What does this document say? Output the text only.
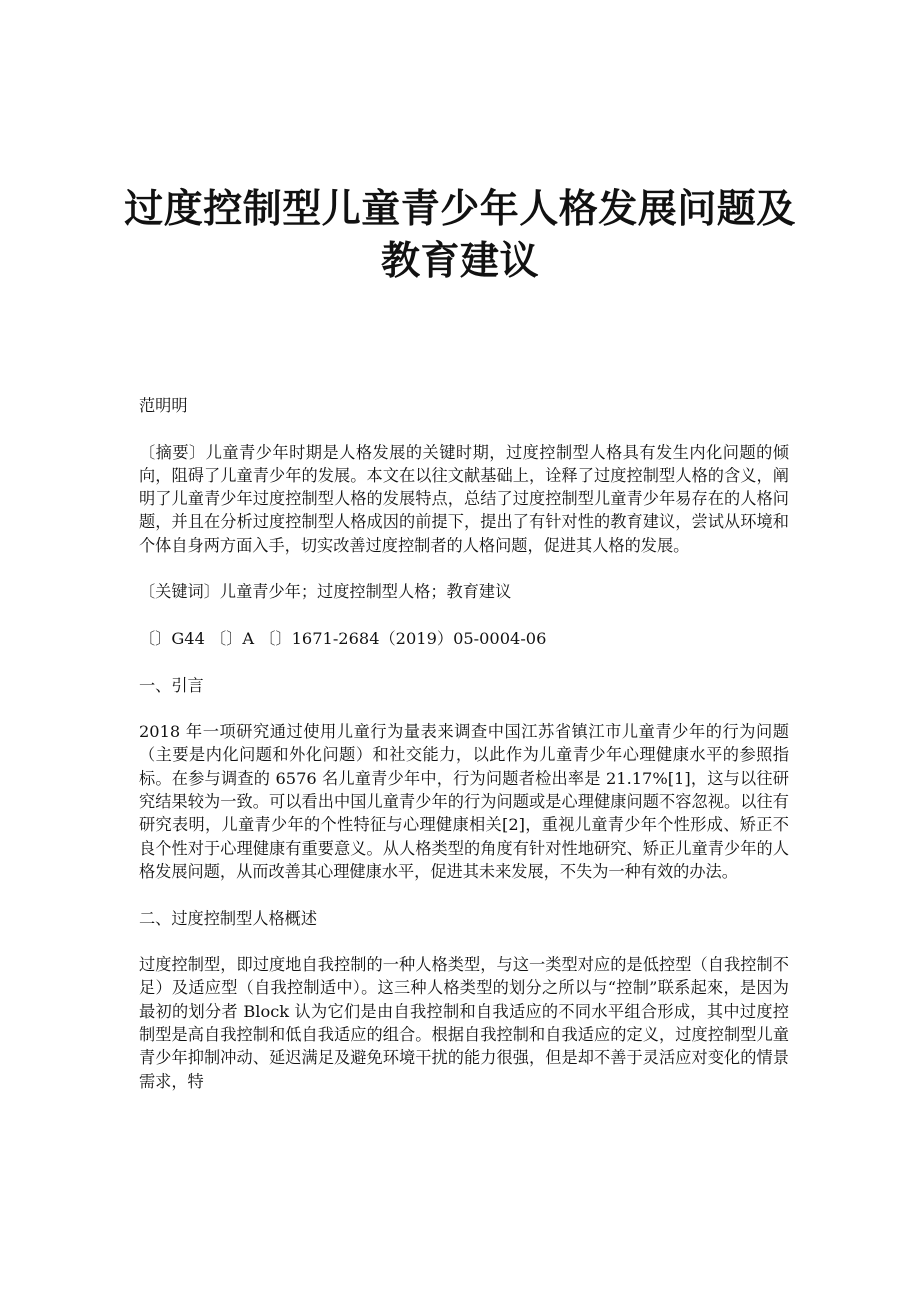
过度控制型儿童青少年人格发展问题及
教育建议

范明明

〔摘要〕儿童青少年时期是人格发展的关键时期，过度控制型人格具有发生内化问题的倾向，阻碍了儿童青少年的发展。本文在以往文献基础上，诠释了过度控制型人格的含义，阐明了儿童青少年过度控制型人格的发展特点，总结了过度控制型儿童青少年易存在的人格问题，并且在分析过度控制型人格成因的前提下，提出了有针对性的教育建议，尝试从环境和个体自身两方面入手，切实改善过度控制者的人格问题，促进其人格的发展。

〔关键词〕儿童青少年；过度控制型人格；教育建议

〔〕G44 〔〕A 〔〕1671-2684（2019）05-0004-06

一、引言

2018 年一项研究通过使用儿童行为量表来调查中国江苏省镇江市儿童青少年的行为问题（主要是内化问题和外化问题）和社交能力，以此作为儿童青少年心理健康水平的参照指标。在参与调查的 6576 名儿童青少年中，行为问题者检出率是 21.17%[1]，这与以往研究结果较为一致。可以看出中国儿童青少年的行为问题或是心理健康问题不容忽视。以往有研究表明，儿童青少年的个性特征与心理健康相关[2]，重视儿童青少年个性形成、矫正不良个性对于心理健康有重要意义。从人格类型的角度有针对性地研究、矫正儿童青少年的人格发展问题，从而改善其心理健康水平，促进其未来发展，不失为一种有效的办法。

二、过度控制型人格概述

过度控制型，即过度地自我控制的一种人格类型，与这一类型对应的是低控型（自我控制不足）及适应型（自我控制适中）。这三种人格类型的划分之所以与“控制”联系起來，是因为最初的划分者 Block 认为它们是由自我控制和自我适应的不同水平组合形成，其中过度控制型是高自我控制和低自我适应的组合。根据自我控制和自我适应的定义，过度控制型儿童青少年抑制冲动、延迟满足及避免环境干扰的能力很强，但是却不善于灵活应对变化的情景需求，特
